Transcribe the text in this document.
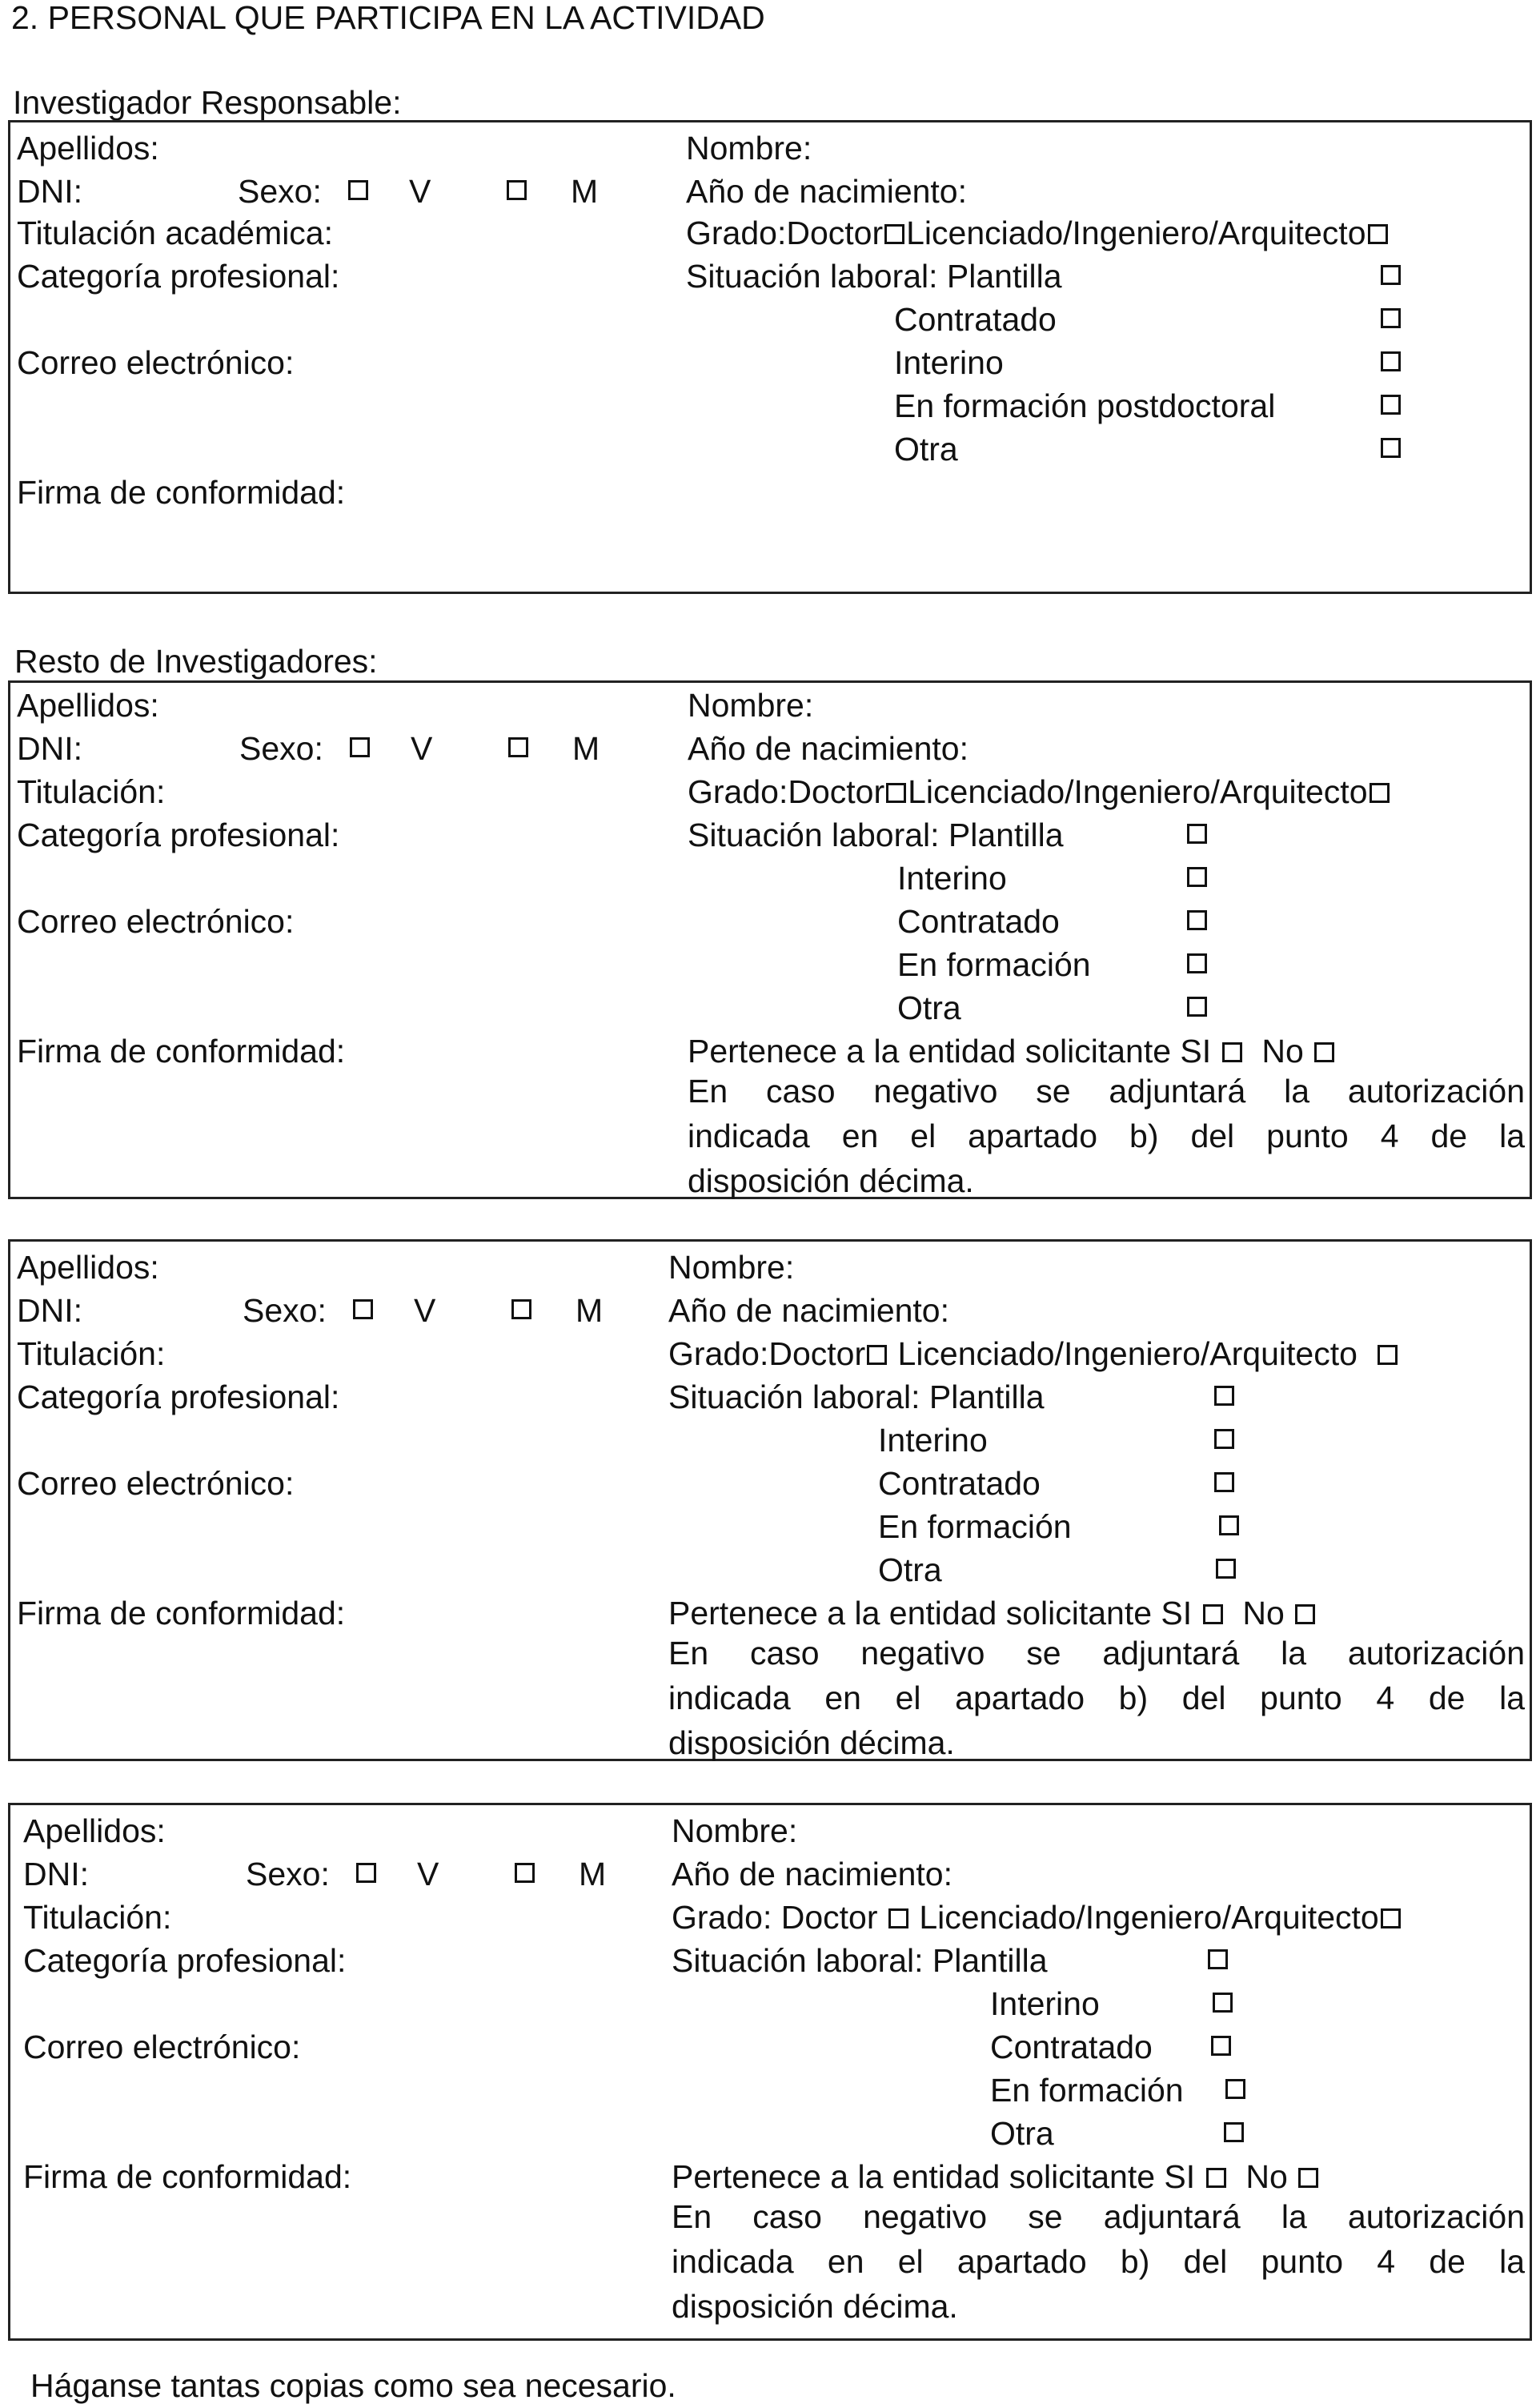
2. PERSONAL QUE PARTICIPA EN LA ACTIVIDAD
Investigador Responsable:
Apellidos:	Nombre:
DNI:	Sexo:	V	M	Año de nacimiento:
Titulación académica:	Grado:Doctor Licenciado/Ingeniero/Arquitecto
Categoría profesional:	Situación laboral: Plantilla
Contratado
Correo electrónico:	Interino
En formación postdoctoral
Otra
Firma de conformidad:
Resto de Investigadores:
Apellidos:	Nombre:
DNI:	Sexo:	V	M	Año de nacimiento:
Titulación:	Grado:Doctor Licenciado/Ingeniero/Arquitecto
Categoría profesional:	Situación laboral: Plantilla
Interino
Correo electrónico:	Contratado
En formación
Otra
Firma de conformidad:	Pertenece a la entidad solicitante SI No
En caso negativo se adjuntará la autorización
indicada en el apartado b) del punto 4 de la
disposición décima.
Apellidos:	Nombre:
DNI:	Sexo:	V	M Año de nacimiento:
Titulación:	Grado:Doctor Licenciado/Ingeniero/Arquitecto
Categoría profesional:	Situación laboral: Plantilla
Interino
Correo electrónico:	Contratado
En formación
Otra
Firma de conformidad:	Pertenece a la entidad solicitante SI No
En caso negativo se adjuntará la autorización
indicada en el apartado b) del punto 4 de la
disposición décima.
Apellidos:	Nombre:
DNI:	Sexo:	V	M Año de nacimiento:
Titulación:	Grado: Doctor Licenciado/Ingeniero/Arquitecto
Categoría profesional:	Situación laboral: Plantilla
Interino
Correo electrónico:	Contratado
En formación
Otra
Firma de conformidad:	Pertenece a la entidad solicitante SI No
En caso negativo se adjuntará la autorización
indicada en el apartado b) del punto 4 de la
disposición décima.
Háganse tantas copias como sea necesario.
